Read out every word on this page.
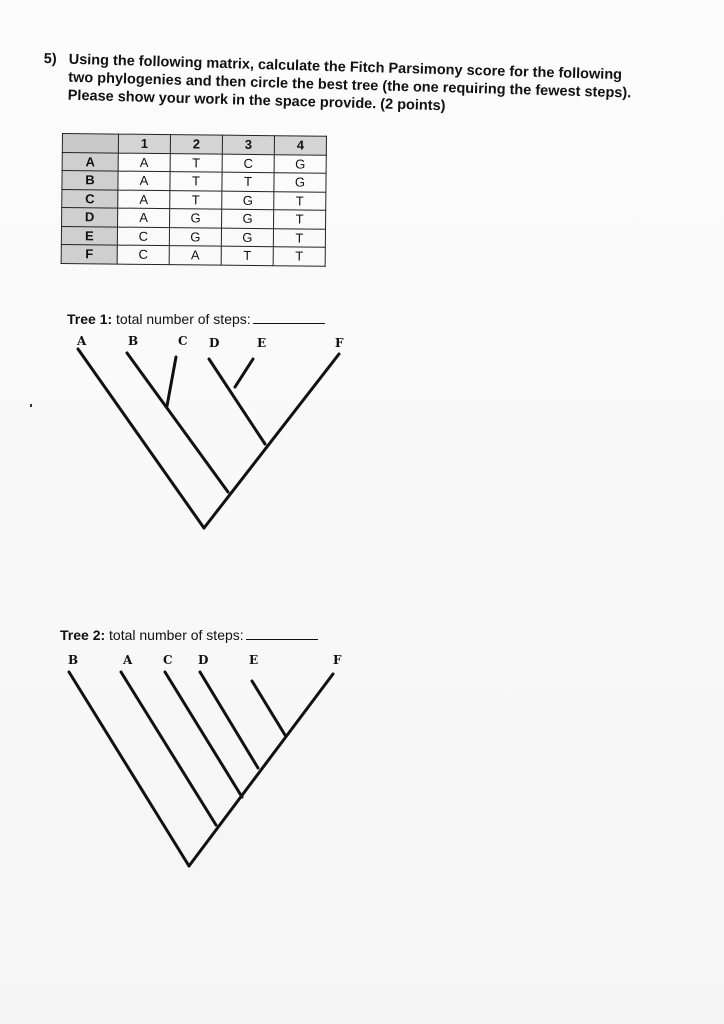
5) Using the following matrix, calculate the Fitch Parsimony score for the following two phylogenies and then circle the best tree (the one requiring the fewest steps). Please show your work in the space provide. (2 points)
	1	2	3	4
A	A	T	C	G
B	A	T	T	G
C	A	T	G	T
D	A	G	G	T
E	C	G	G	T
F	C	A	T	T
Tree 1: total number of steps:
A	B	C D	E	F
Tree 2: total number of steps:
B	A	C D	E	F
